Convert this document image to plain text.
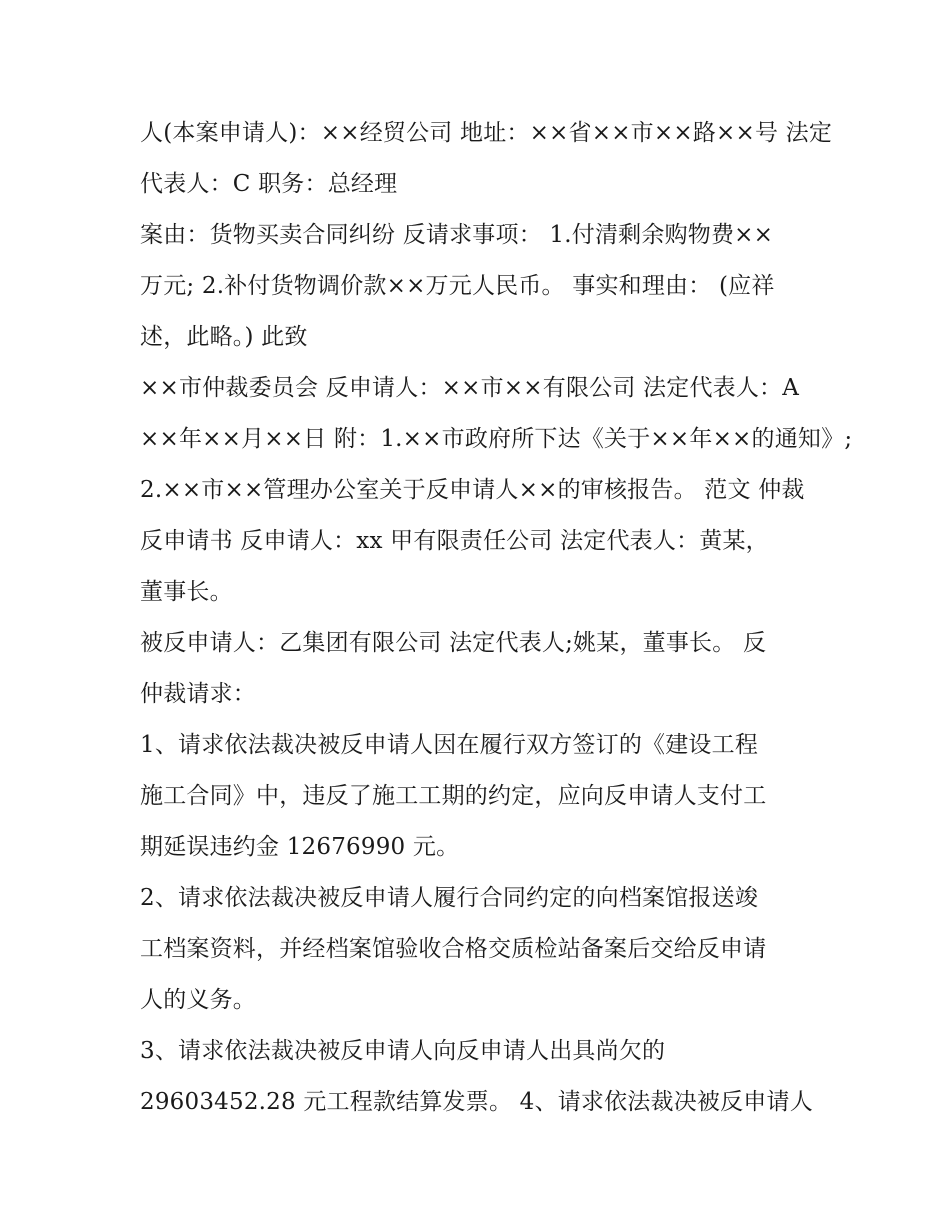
人(本案申请人)：××经贸公司 地址：××省××市××路××号 法定

代表人：C 职务：总经理

案由：货物买卖合同纠纷 反请求事项： 1.付清剩余购物费××

万元; 2.补付货物调价款××万元人民币。 事实和理由： (应祥

述，此略。) 此致

××市仲裁委员会 反申请人：××市××有限公司 法定代表人：A

××年××月××日 附：1.××市政府所下达《关于××年××的通知》;

2.××市××管理办公室关于反申请人××的审核报告。 范文 仲裁

反申请书 反申请人：xx 甲有限责任公司 法定代表人：黄某，

董事长。

被反申请人：乙集团有限公司 法定代表人;姚某，董事长。 反

仲裁请求：

1、请求依法裁决被反申请人因在履行双方签订的《建设工程

施工合同》中，违反了施工工期的约定，应向反申请人支付工

期延误违约金 12676990 元。

2、请求依法裁决被反申请人履行合同约定的向档案馆报送竣

工档案资料，并经档案馆验收合格交质检站备案后交给反申请

人的义务。

3、请求依法裁决被反申请人向反申请人出具尚欠的

29603452.28 元工程款结算发票。 4、请求依法裁决被反申请人
